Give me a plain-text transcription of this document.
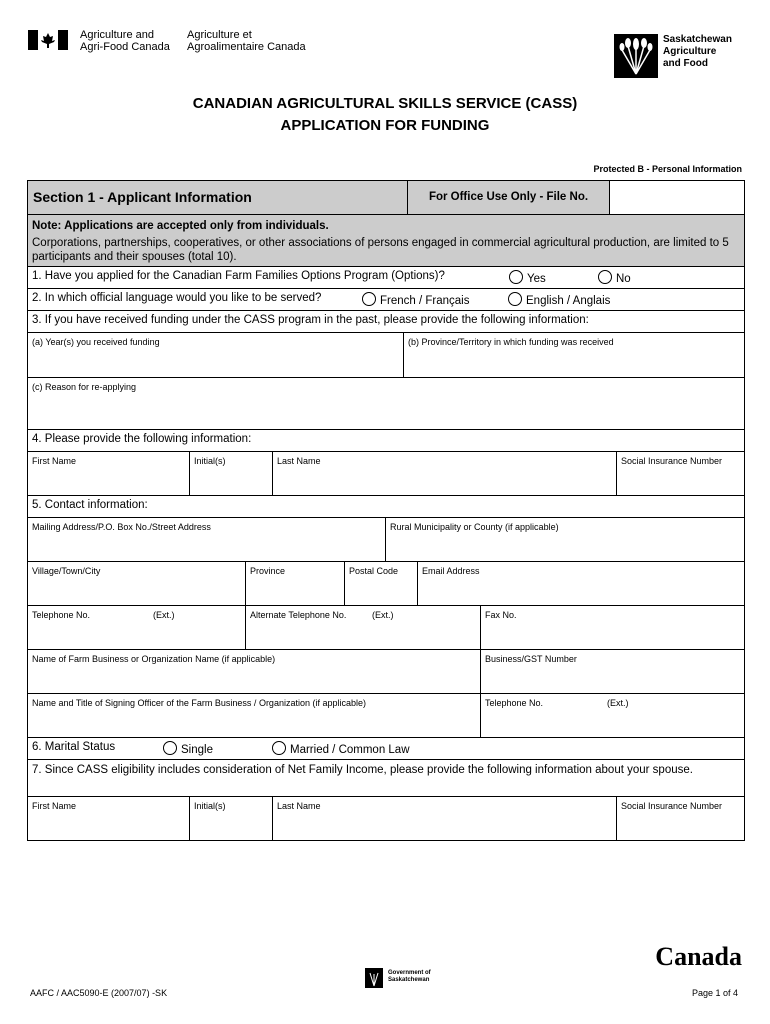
Agriculture and
Agri-Food Canada
Agriculture et
Agroalimentaire Canada
Saskatchewan
Agriculture
and Food
CANADIAN AGRICULTURAL SKILLS SERVICE (CASS)
APPLICATION FOR FUNDING
Protected B - Personal Information
Section 1 - Applicant Information	For Office Use Only - File No.
Note: Applications are accepted only from individuals.
Corporations, partnerships, cooperatives, or other associations of persons engaged in commercial agricultural production, are limited to 5 participants and their spouses (total 10).
1. Have you applied for the Canadian Farm Families Options Program (Options)?	Yes	No
2. In which official language would you like to be served?	French / Français	English / Anglais
3. If you have received funding under the CASS program in the past, please provide the following information:
(a) Year(s) you received funding	(b) Province/Territory in which funding was received
(c) Reason for re-applying
4. Please provide the following information:
First Name	Initial(s)	Last Name	Social Insurance Number
5. Contact information:
Mailing Address/P.O. Box No./Street Address	Rural Municipality or County (if applicable)
Village/Town/City	Province	Postal Code	Email Address
Telephone No.	(Ext.)	Alternate Telephone No.	(Ext.)	Fax No.
Name of Farm Business or Organization Name (if applicable)	Business/GST Number
Name and Title of Signing Officer of the Farm Business / Organization (if applicable)	Telephone No.	(Ext.)
6. Marital Status	Single	Married / Common Law
7. Since CASS eligibility includes consideration of Net Family Income, please provide the following information about your spouse.
First Name	Initial(s)	Last Name	Social Insurance Number
Canada
Government of
Saskatchewan
AAFC / AAC5090-E (2007/07) -SK	Page 1 of 4
